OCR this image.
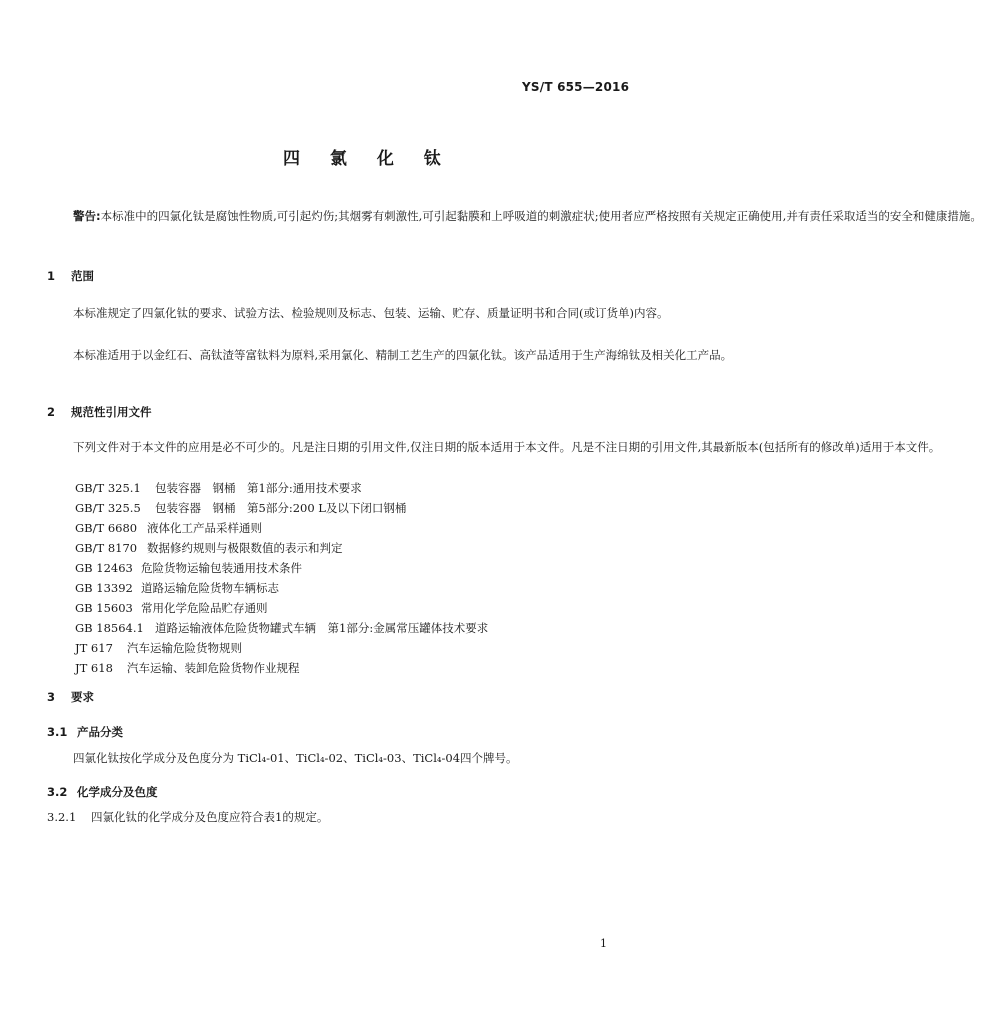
YS/T 655—2016
四 氯 化 钛
警告:本标准中的四氯化钛是腐蚀性物质,可引起灼伤;其烟雾有刺激性,可引起黏膜和上呼吸道的刺激症状;使用者应严格按照有关规定正确使用,并有责任采取适当的安全和健康措施。
1 范围
本标准规定了四氯化钛的要求、试验方法、检验规则及标志、包装、运输、贮存、质量证明书和合同(或订货单)内容。
本标准适用于以金红石、高钛渣等富钛料为原料,采用氯化、精制工艺生产的四氯化钛。该产品适用于生产海绵钛及相关化工产品。
2 规范性引用文件
下列文件对于本文件的应用是必不可少的。凡是注日期的引用文件,仅注日期的版本适用于本文件。凡是不注日期的引用文件,其最新版本(包括所有的修改单)适用于本文件。
GB/T 325.1 包装容器　钢桶　第1部分:通用技术要求
GB/T 325.5 包装容器　钢桶　第5部分:200 L及以下闭口钢桶
GB/T 6680 液体化工产品采样通则
GB/T 8170 数据修约规则与极限数值的表示和判定
GB 12463 危险货物运输包装通用技术条件
GB 13392 道路运输危险货物车辆标志
GB 15603 常用化学危险品贮存通则
GB 18564.1 道路运输液体危险货物罐式车辆　第1部分:金属常压罐体技术要求
JT 617 汽车运输危险货物规则
JT 618 汽车运输、装卸危险货物作业规程
3 要求
3.1 产品分类
四氯化钛按化学成分及色度分为 TiCl₄-01、TiCl₄-02、TiCl₄-03、TiCl₄-04四个牌号。
3.2 化学成分及色度
3.2.1 四氯化钛的化学成分及色度应符合表1的规定。
1
